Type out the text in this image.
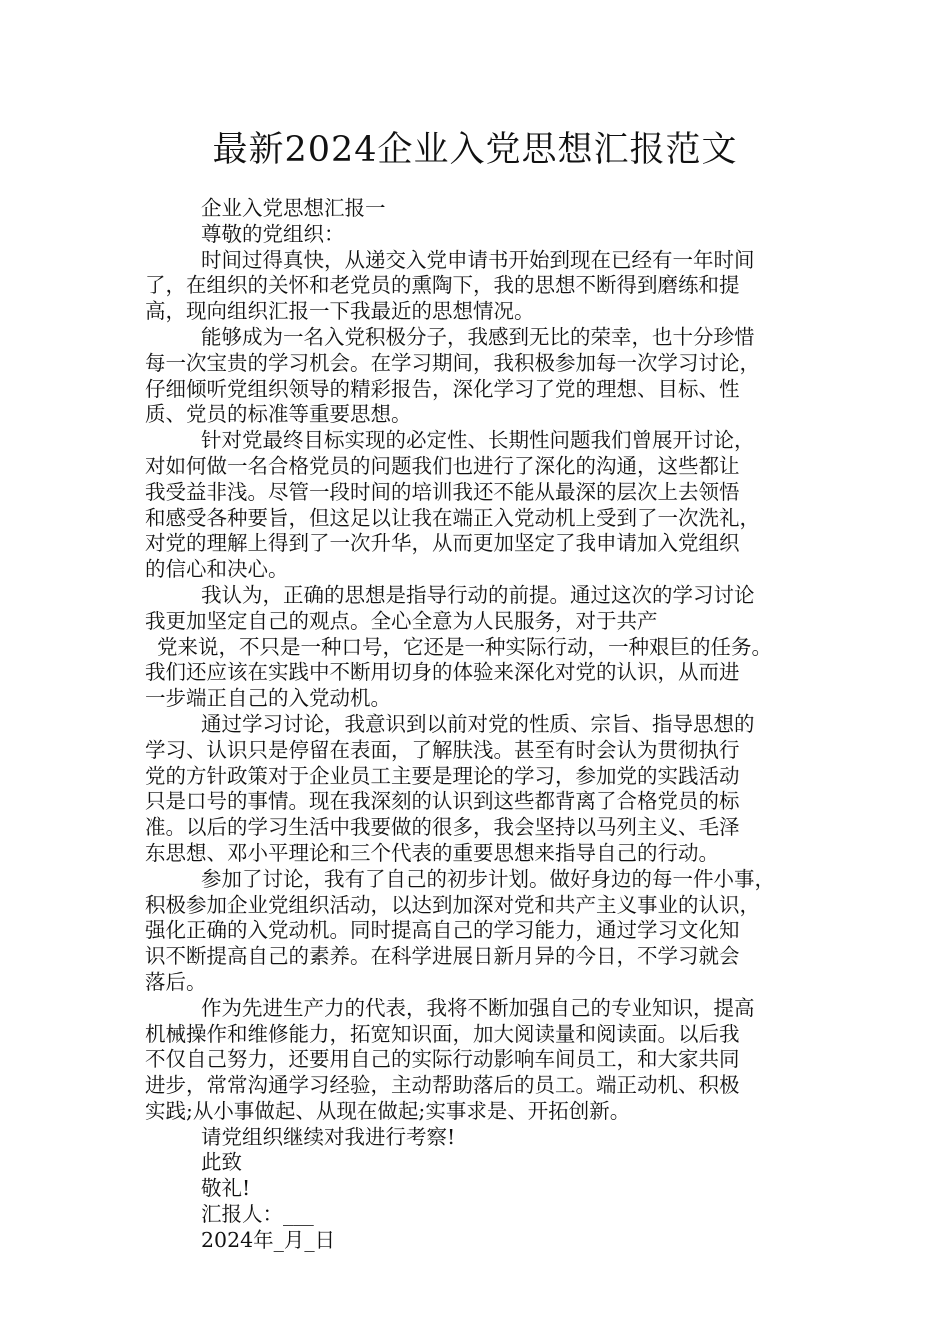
最新2024企业入党思想汇报范文
企业入党思想汇报一
尊敬的党组织：
时间过得真快，从递交入党申请书开始到现在已经有一年时间
了，在组织的关怀和老党员的熏陶下，我的思想不断得到磨练和提
高，现向组织汇报一下我最近的思想情况。
能够成为一名入党积极分子，我感到无比的荣幸，也十分珍惜
每一次宝贵的学习机会。在学习期间，我积极参加每一次学习讨论，
仔细倾听党组织领导的精彩报告，深化学习了党的理想、目标、性
质、党员的标准等重要思想。
针对党最终目标实现的必定性、长期性问题我们曾展开讨论，
对如何做一名合格党员的问题我们也进行了深化的沟通，这些都让
我受益非浅。尽管一段时间的培训我还不能从最深的层次上去领悟
和感受各种要旨，但这足以让我在端正入党动机上受到了一次洗礼，
对党的理解上得到了一次升华，从而更加坚定了我申请加入党组织
的信心和决心。
我认为，正确的思想是指导行动的前提。通过这次的学习讨论
我更加坚定自己的观点。全心全意为人民服务，对于共产
党来说，不只是一种口号，它还是一种实际行动，一种艰巨的任务。
我们还应该在实践中不断用切身的体验来深化对党的认识，从而进
一步端正自己的入党动机。
通过学习讨论，我意识到以前对党的性质、宗旨、指导思想的
学习、认识只是停留在表面，了解肤浅。甚至有时会认为贯彻执行
党的方针政策对于企业员工主要是理论的学习，参加党的实践活动
只是口号的事情。现在我深刻的认识到这些都背离了合格党员的标
准。以后的学习生活中我要做的很多，我会坚持以马列主义、毛泽
东思想、邓小平理论和三个代表的重要思想来指导自己的行动。
参加了讨论，我有了自己的初步计划。做好身边的每一件小事，
积极参加企业党组织活动，以达到加深对党和共产主义事业的认识，
强化正确的入党动机。同时提高自己的学习能力，通过学习文化知
识不断提高自己的素养。在科学进展日新月异的今日，不学习就会
落后。
作为先进生产力的代表，我将不断加强自己的专业知识，提高
机械操作和维修能力，拓宽知识面，加大阅读量和阅读面。以后我
不仅自己努力，还要用自己的实际行动影响车间员工，和大家共同
进步，常常沟通学习经验，主动帮助落后的员工。端正动机、积极
实践;从小事做起、从现在做起;实事求是、开拓创新。
请党组织继续对我进行考察!
此致
敬礼!
汇报人：___
2024年_月_日
